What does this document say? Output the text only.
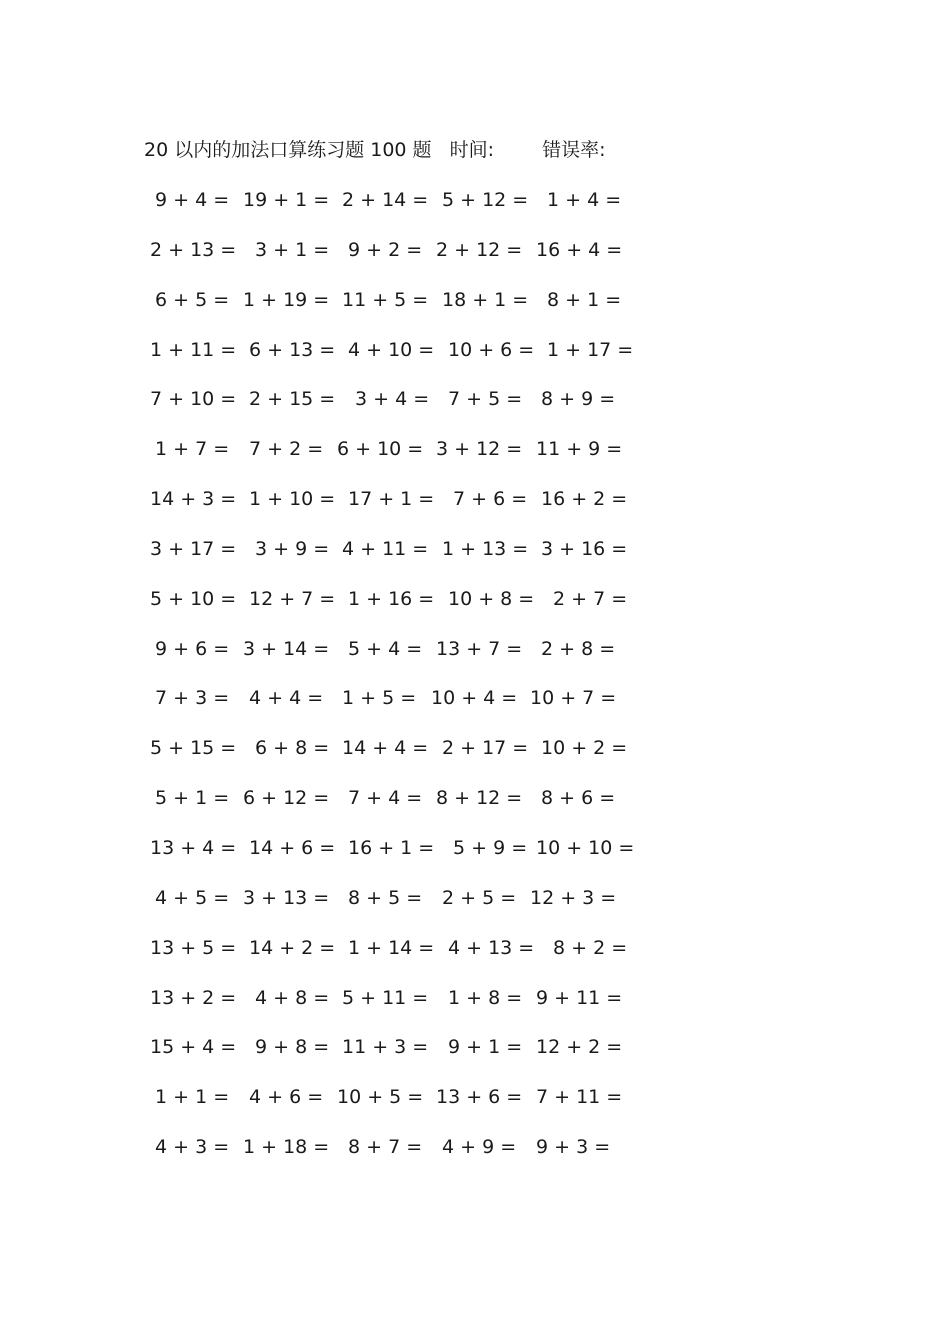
20 以内的加法口算练习题 100 题 时间:	错误率:
9 + 4 = 19 + 1 = 2 + 14 = 5 + 12 = 1 + 4 =
2 + 13 = 3 + 1 = 9 + 2 = 2 + 12 = 16 + 4 =
6 + 5 = 1 + 19 = 11 + 5 = 18 + 1 = 8 + 1 =
1 + 11 = 6 + 13 = 4 + 10 = 10 + 6 = 1 + 17 =
7 + 10 = 2 + 15 = 3 + 4 = 7 + 5 = 8 + 9 =
1 + 7 = 7 + 2 = 6 + 10 = 3 + 12 = 11 + 9 =
14 + 3 = 1 + 10 = 17 + 1 = 7 + 6 = 16 + 2 =
3 + 17 = 3 + 9 = 4 + 11 = 1 + 13 = 3 + 16 =
5 + 10 = 12 + 7 = 1 + 16 = 10 + 8 = 2 + 7 =
9 + 6 = 3 + 14 = 5 + 4 = 13 + 7 = 2 + 8 =
7 + 3 = 4 + 4 = 1 + 5 = 10 + 4 = 10 + 7 =
5 + 15 = 6 + 8 = 14 + 4 = 2 + 17 = 10 + 2 =
5 + 1 = 6 + 12 = 7 + 4 = 8 + 12 = 8 + 6 =
13 + 4 = 14 + 6 = 16 + 1 = 5 + 9 = 10 + 10 =
4 + 5 = 3 + 13 = 8 + 5 = 2 + 5 = 12 + 3 =
13 + 5 = 14 + 2 = 1 + 14 = 4 + 13 = 8 + 2 =
13 + 2 = 4 + 8 = 5 + 11 = 1 + 8 = 9 + 11 =
15 + 4 = 9 + 8 = 11 + 3 = 9 + 1 = 12 + 2 =
1 + 1 = 4 + 6 = 10 + 5 = 13 + 6 = 7 + 11 =
4 + 3 = 1 + 18 = 8 + 7 = 4 + 9 = 9 + 3 =
